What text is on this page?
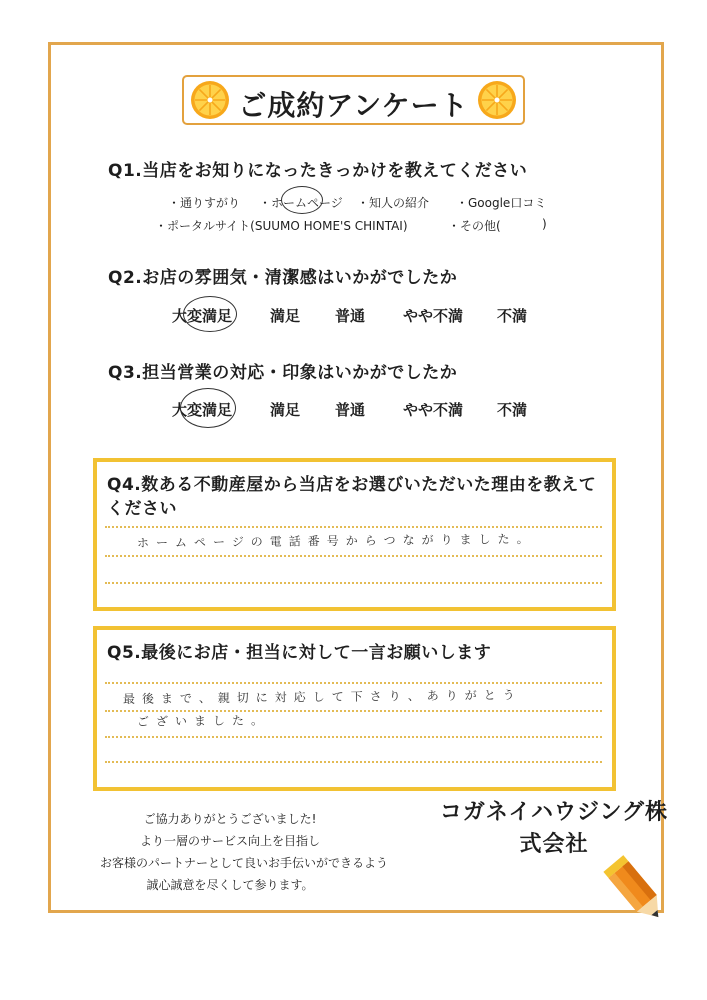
ご成約アンケート
Q1.当店をお知りになったきっかけを教えてください
・通りすがり ・ホームページ ・知人の紹介 ・Google口コミ
・ポータルサイト(SUUMO HOME'S CHINTAI)	・その他(	)
Q2.お店の雰囲気・清潔感はいかがでしたか
大変満足	満足 普通	やや不満 不満
Q3.担当営業の対応・印象はいかがでしたか
大変満足	満足 普通	やや不満 不満
Q4.数ある不動産屋から当店をお選びいただいた理由を教えて
ください
ホームページの電話番号からつながりました。
Q5.最後にお店・担当に対して一言お願いします
最後まで、親切に対応して下さり、ありがとう
ございました。
ご協力ありがとうございました!
より一層のサービス向上を目指し
お客様のパートナーとして良いお手伝いができるよう
誠心誠意を尽くして参ります。
コガネイハウジング株
式会社
